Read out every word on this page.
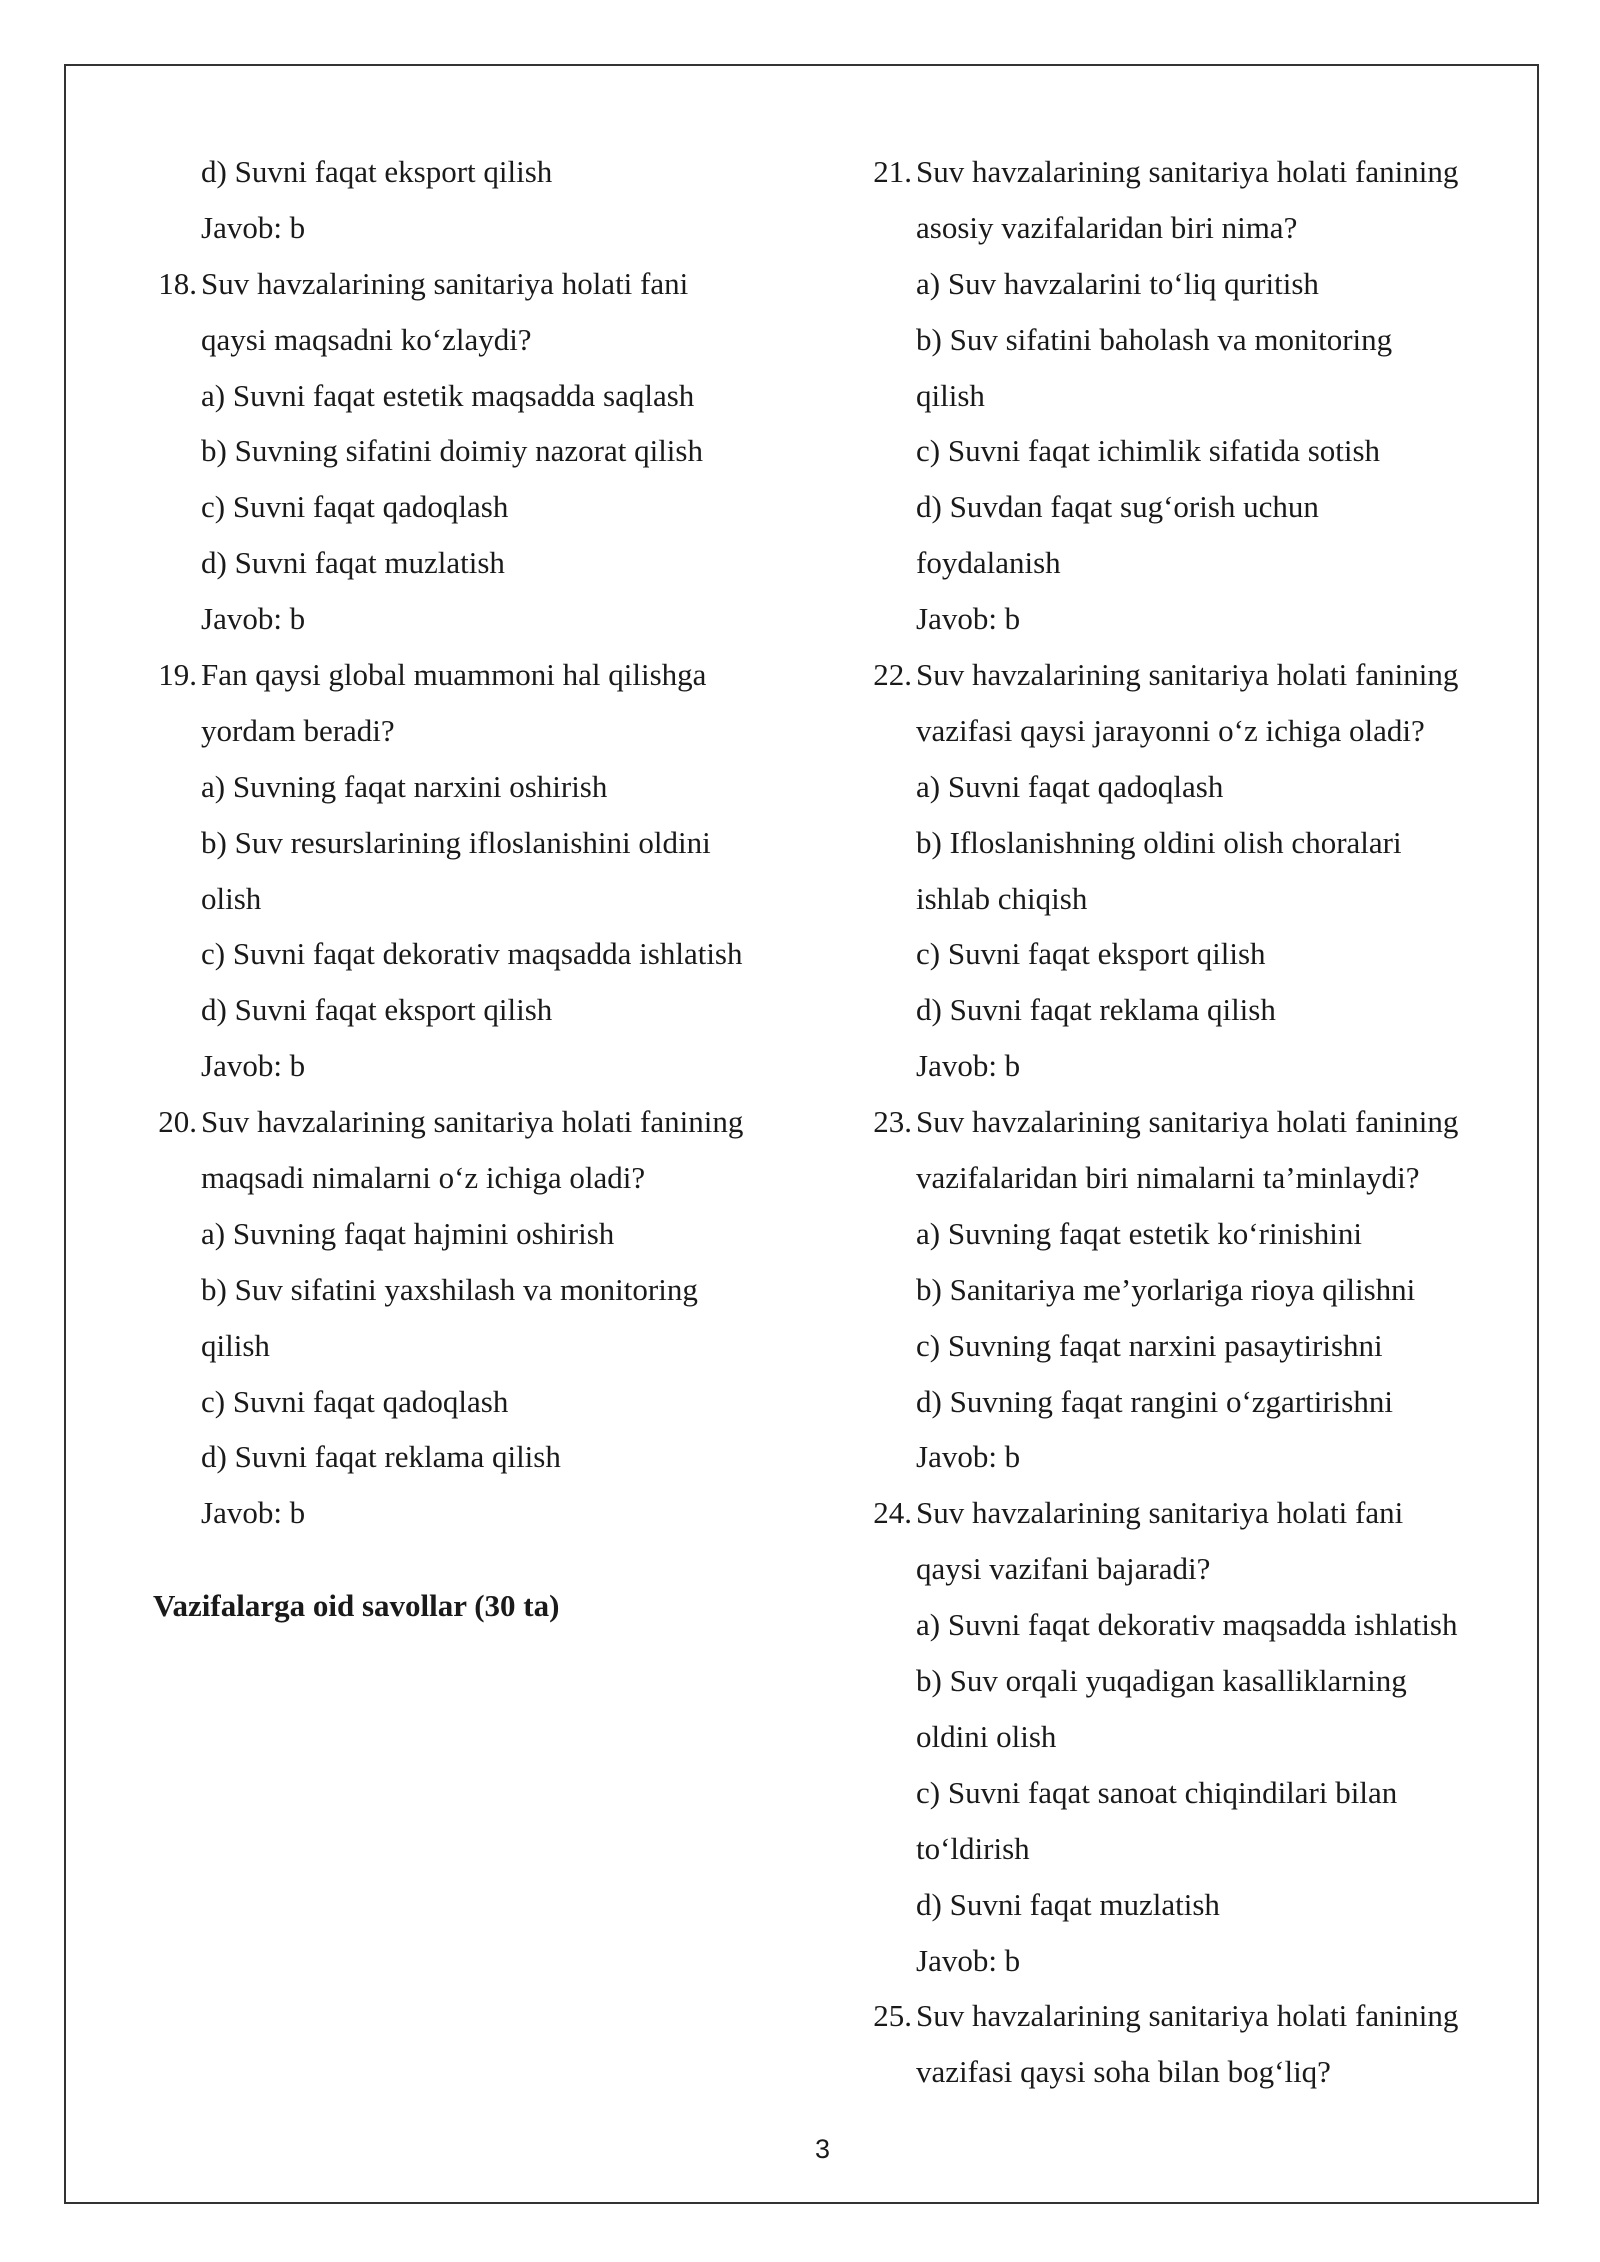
d) Suvni faqat eksport qilish
Javob: b
18. Suv havzalarining sanitariya holati fani
qaysi maqsadni ko‘zlaydi?
a) Suvni faqat estetik maqsadda saqlash
b) Suvning sifatini doimiy nazorat qilish
c) Suvni faqat qadoqlash
d) Suvni faqat muzlatish
Javob: b
19. Fan qaysi global muammoni hal qilishga
yordam beradi?
a) Suvning faqat narxini oshirish
b) Suv resurslarining ifloslanishini oldini
olish
c) Suvni faqat dekorativ maqsadda ishlatish
d) Suvni faqat eksport qilish
Javob: b
20. Suv havzalarining sanitariya holati fanining
maqsadi nimalarni o‘z ichiga oladi?
a) Suvning faqat hajmini oshirish
b) Suv sifatini yaxshilash va monitoring
qilish
c) Suvni faqat qadoqlash
d) Suvni faqat reklama qilish
Javob: b
Vazifalarga oid savollar (30 ta)
21. Suv havzalarining sanitariya holati fanining
asosiy vazifalaridan biri nima?
a) Suv havzalarini to‘liq quritish
b) Suv sifatini baholash va monitoring
qilish
c) Suvni faqat ichimlik sifatida sotish
d) Suvdan faqat sug‘orish uchun
foydalanish
Javob: b
22. Suv havzalarining sanitariya holati fanining
vazifasi qaysi jarayonni o‘z ichiga oladi?
a) Suvni faqat qadoqlash
b) Ifloslanishning oldini olish choralari
ishlab chiqish
c) Suvni faqat eksport qilish
d) Suvni faqat reklama qilish
Javob: b
23. Suv havzalarining sanitariya holati fanining
vazifalaridan biri nimalarni ta’minlaydi?
a) Suvning faqat estetik ko‘rinishini
b) Sanitariya me’yorlariga rioya qilishni
c) Suvning faqat narxini pasaytirishni
d) Suvning faqat rangini o‘zgartirishni
Javob: b
24. Suv havzalarining sanitariya holati fani
qaysi vazifani bajaradi?
a) Suvni faqat dekorativ maqsadda ishlatish
b) Suv orqali yuqadigan kasalliklarning
oldini olish
c) Suvni faqat sanoat chiqindilari bilan
to‘ldirish
d) Suvni faqat muzlatish
Javob: b
25. Suv havzalarining sanitariya holati fanining
vazifasi qaysi soha bilan bog‘liq?
3
